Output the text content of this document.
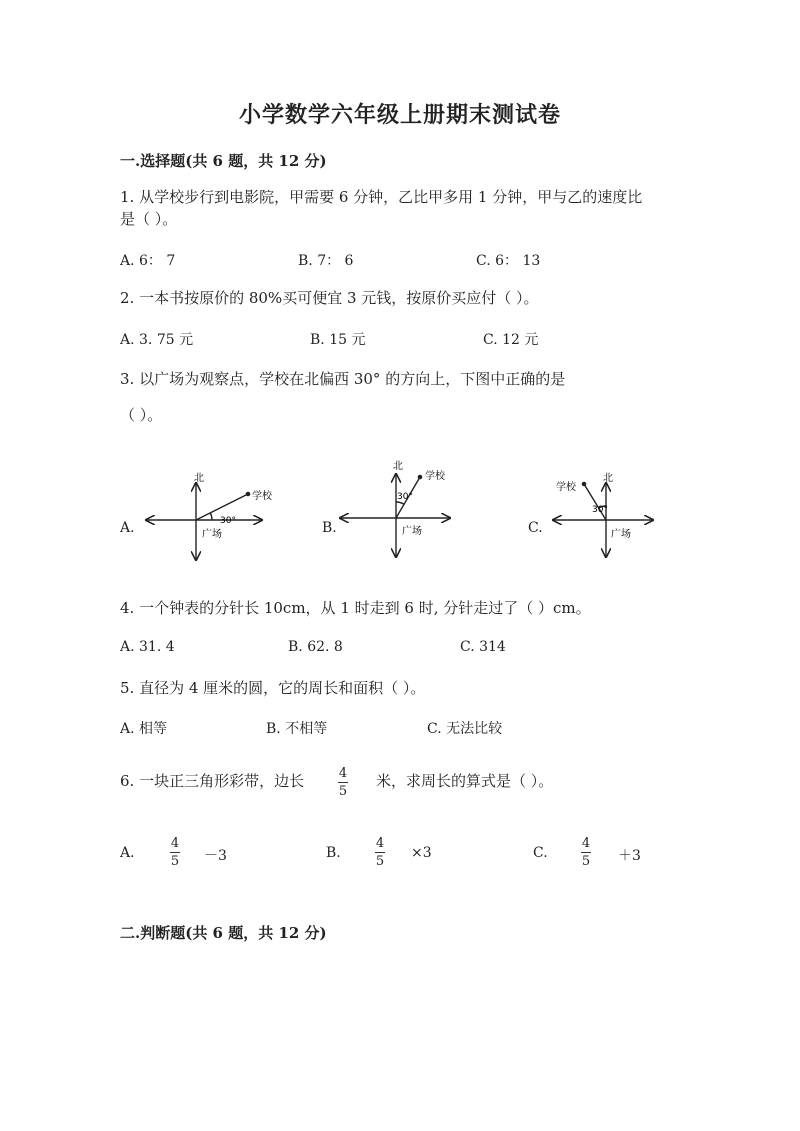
小学数学六年级上册期末测试卷
一.选择题(共 6 题，共 12 分)
1. 从学校步行到电影院，甲需要 6 分钟，乙比甲多用 1 分钟，甲与乙的速度比
是（ ）。
A. 6： 7	B. 7： 6	C. 6： 13
2. 一本书按原价的 80%买可便宜 3 元钱，按原价买应付（ ）。
A. 3. 75 元	B. 15 元	C. 12 元
3. 以广场为观察点，学校在北偏西 30° 的方向上，下图中正确的是
（ ）。
A.	B.	C.
北
学校
30°
广场
北
学校
30°
广场
北
学校
30°
广场
4. 一个钟表的分针长 10cm，从 1 时走到 6 时, 分针走过了（ ）cm。
A. 31. 4	B. 62. 8	C. 314
5. 直径为 4 厘米的圆，它的周长和面积（ ）。
A. 相等	B. 不相等	C. 无法比较
6. 一块正三角形彩带，边长	4
5
米，求周长的算式是（ ）。
A.
4
5 －3	B.
4
5
×3	C.
4
5 ＋3
二.判断题(共 6 题，共 12 分)
